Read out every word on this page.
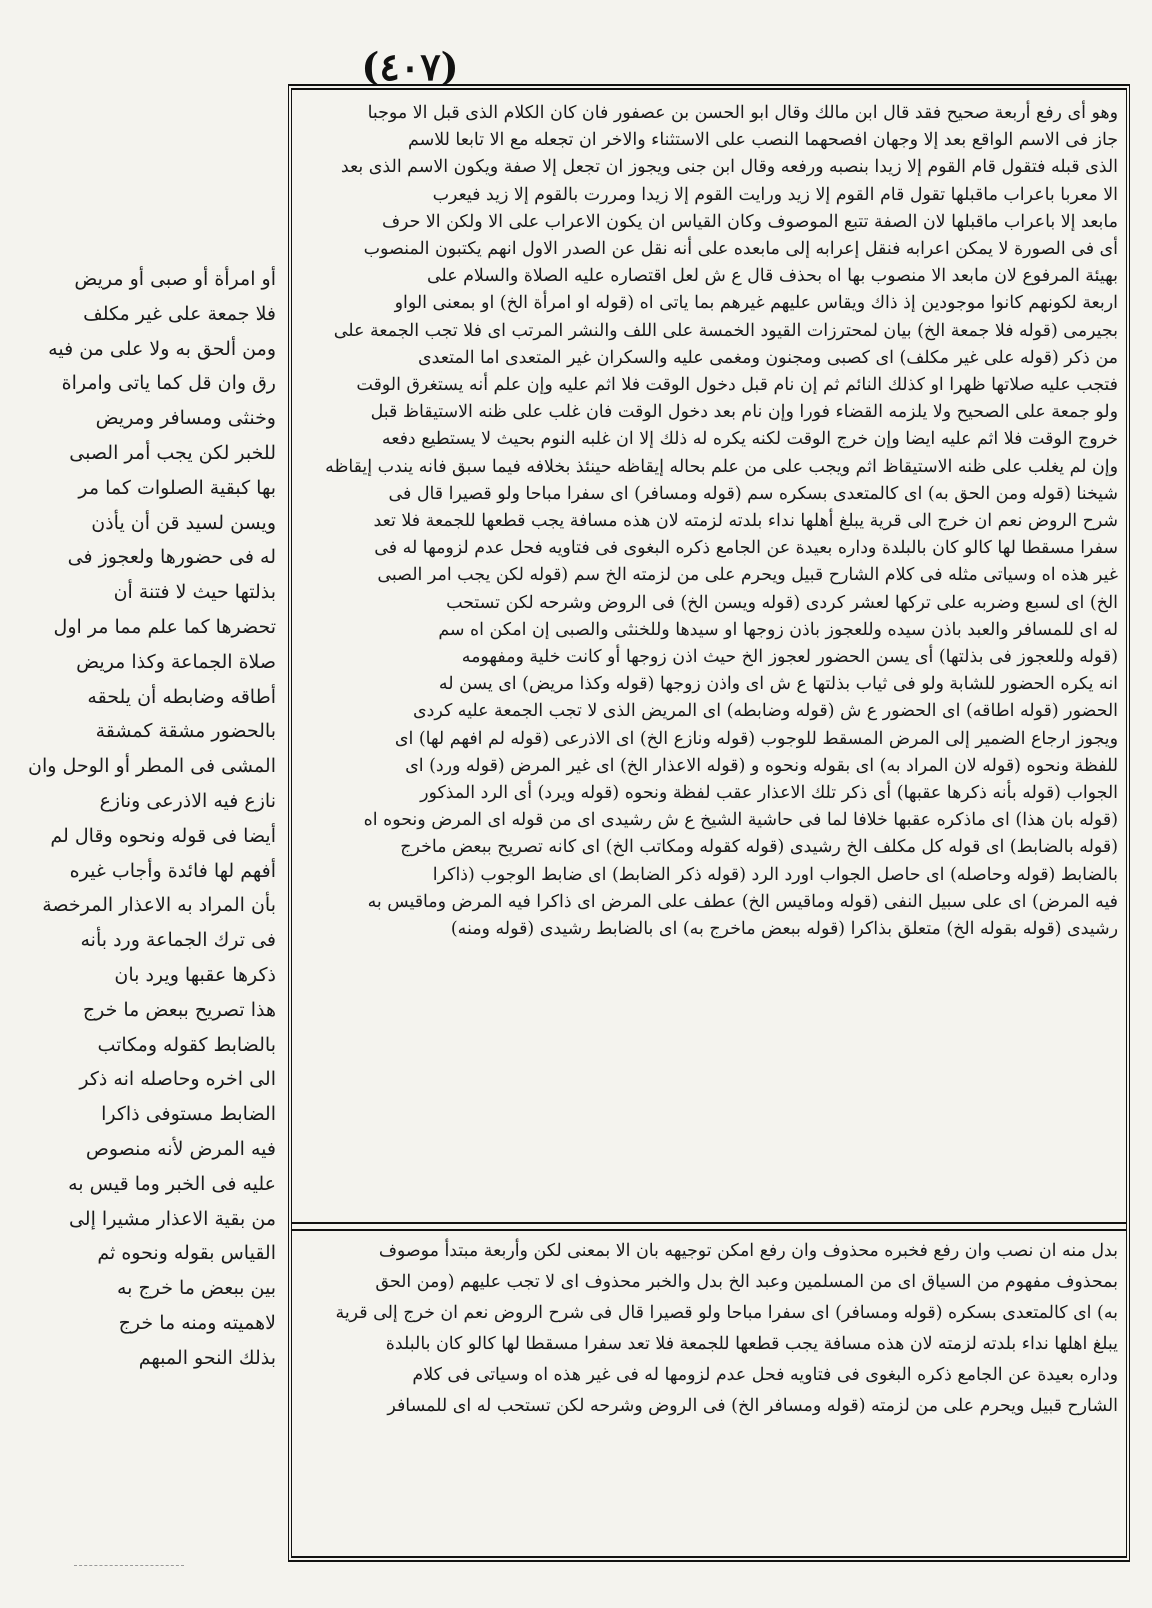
(٤٠٧)
وهو أى رفع أربعة صحيح فقد قال ابن مالك وقال ابو الحسن بن عصفور فان كان الكلام الذى قبل الا موجبا
جاز فى الاسم الواقع بعد إلا وجهان افصحهما النصب على الاستثناء والاخر ان تجعله مع الا تابعا للاسم
الذى قبله فتقول قام القوم إلا زيدا بنصبه ورفعه وقال ابن جنى ويجوز ان تجعل إلا صفة ويكون الاسم الذى بعد
الا معربا باعراب ماقبلها تقول قام القوم إلا زيد ورايت القوم إلا زيدا ومررت بالقوم إلا زيد فيعرب
مابعد إلا باعراب ماقبلها لان الصفة تتبع الموصوف وكان القياس ان يكون الاعراب على الا ولكن الا حرف
أى فى الصورة لا يمكن اعرابه فنقل إعرابه إلى مابعده على أنه نقل عن الصدر الاول انهم يكتبون المنصوب
بهيئة المرفوع لان مابعد الا منصوب بها اه بحذف قال ع ش لعل اقتصاره عليه الصلاة والسلام على
اربعة لكونهم كانوا موجودين إذ ذاك ويقاس عليهم غيرهم بما ياتى اه (قوله او امرأة الخ) او بمعنى الواو
بجيرمى (قوله فلا جمعة الخ) بيان لمحترزات القيود الخمسة على اللف والنشر المرتب اى فلا تجب الجمعة على
من ذكر (قوله على غير مكلف) اى كصبى ومجنون ومغمى عليه والسكران غير المتعدى اما المتعدى
فتجب عليه صلاتها ظهرا او كذلك النائم ثم إن نام قبل دخول الوقت فلا اثم عليه وإن علم أنه يستغرق الوقت
ولو جمعة على الصحيح ولا يلزمه القضاء فورا وإن نام بعد دخول الوقت فان غلب على ظنه الاستيقاظ قبل
خروج الوقت فلا اثم عليه ايضا وإن خرج الوقت لكنه يكره له ذلك إلا ان غلبه النوم بحيث لا يستطيع دفعه
وإن لم يغلب على ظنه الاستيقاظ اثم ويجب على من علم بحاله إيقاظه حينئذ بخلافه فيما سبق فانه يندب إيقاظه
شيخنا (قوله ومن الحق به) اى كالمتعدى بسكره سم (قوله ومسافر) اى سفرا مباحا ولو قصيرا قال فى
شرح الروض نعم ان خرج الى قرية يبلغ أهلها نداء بلدته لزمته لان هذه مسافة يجب قطعها للجمعة فلا تعد
سفرا مسقطا لها كالو كان بالبلدة وداره بعيدة عن الجامع ذكره البغوى فى فتاويه فحل عدم لزومها له فى
غير هذه اه وسياتى مثله فى كلام الشارح قبيل ويحرم على من لزمته الخ سم (قوله لكن يجب امر الصبى
الخ) اى لسبع وضربه على تركها لعشر كردى (قوله ويسن الخ) فى الروض وشرحه لكن تستحب
له اى للمسافر والعبد باذن سيده وللعجوز باذن زوجها او سيدها وللخنثى والصبى إن امكن اه سم
(قوله وللعجوز فى بذلتها) أى يسن الحضور لعجوز الخ حيث اذن زوجها أو كانت خلية ومفهومه
انه يكره الحضور للشابة ولو فى ثياب بذلتها ع ش اى واذن زوجها (قوله وكذا مريض) اى يسن له
الحضور (قوله اطاقه) اى الحضور ع ش (قوله وضابطه) اى المريض الذى لا تجب الجمعة عليه كردى
ويجوز ارجاع الضمير إلى المرض المسقط للوجوب (قوله ونازع الخ) اى الاذرعى (قوله لم افهم لها) اى
للفظة ونحوه (قوله لان المراد به) اى بقوله ونحوه و (قوله الاعذار الخ) اى غير المرض (قوله ورد) اى
الجواب (قوله بأنه ذكرها عقبها) أى ذكر تلك الاعذار عقب لفظة ونحوه (قوله ويرد) أى الرد المذكور
(قوله بان هذا) اى ماذكره عقبها خلافا لما فى حاشية الشيخ ع ش رشيدى اى من قوله اى المرض ونحوه اه
(قوله بالضابط) اى قوله كل مكلف الخ رشيدى (قوله كقوله ومكاتب الخ) اى كانه تصريح ببعض ماخرج
بالضابط (قوله وحاصله) اى حاصل الجواب اورد الرد (قوله ذكر الضابط) اى ضابط الوجوب (ذاكرا
فيه المرض) اى على سبيل النفى (قوله وماقيس الخ) عطف على المرض اى ذاكرا فيه المرض وماقيس به
رشيدى (قوله بقوله الخ) متعلق بذاكرا (قوله ببعض ماخرج به) اى بالضابط رشيدى (قوله ومنه)
بدل منه ان نصب وان رفع فخبره محذوف وان رفع امكن توجيهه بان الا بمعنى لكن وأربعة مبتدأ موصوف
بمحذوف مفهوم من السياق اى من المسلمين وعبد الخ بدل والخبر محذوف اى لا تجب عليهم (ومن الحق
به) اى كالمتعدى بسكره (قوله ومسافر) اى سفرا مباحا ولو قصيرا قال فى شرح الروض نعم ان خرج إلى قرية
يبلغ اهلها نداء بلدته لزمته لان هذه مسافة يجب قطعها للجمعة فلا تعد سفرا مسقطا لها كالو كان بالبلدة
وداره بعيدة عن الجامع ذكره البغوى فى فتاويه فحل عدم لزومها له فى غير هذه اه وسياتى فى كلام
الشارح قبيل ويحرم على من لزمته (قوله ومسافر الخ) فى الروض وشرحه لكن تستحب له اى للمسافر
أو امرأة أو صبى أو مريض
فلا جمعة على غير مكلف
ومن ألحق به ولا على من فيه
رق وان قل كما ياتى وامراة
وخنثى ومسافر ومريض
للخبر لكن يجب أمر الصبى
بها كبقية الصلوات كما مر
ويسن لسيد قن أن يأذن
له فى حضورها ولعجوز فى
بذلتها حيث لا فتنة أن
تحضرها كما علم مما مر اول
صلاة الجماعة وكذا مريض
أطاقه وضابطه أن يلحقه
بالحضور مشقة كمشقة
المشى فى المطر أو الوحل وان
نازع فيه الاذرعى ونازع
أيضا فى قوله ونحوه وقال لم
أفهم لها فائدة وأجاب غيره
بأن المراد به الاعذار المرخصة
فى ترك الجماعة ورد بأنه
ذكرها عقبها ويرد بان
هذا تصريح ببعض ما خرج
بالضابط كقوله ومكاتب
الى اخره وحاصله انه ذكر
الضابط مستوفى ذاكرا
فيه المرض لأنه منصوص
عليه فى الخبر وما قيس به
من بقية الاعذار مشيرا إلى
القياس بقوله ونحوه ثم
بين ببعض ما خرج به
لاهميته ومنه ما خرج
بذلك النحو المبهم
